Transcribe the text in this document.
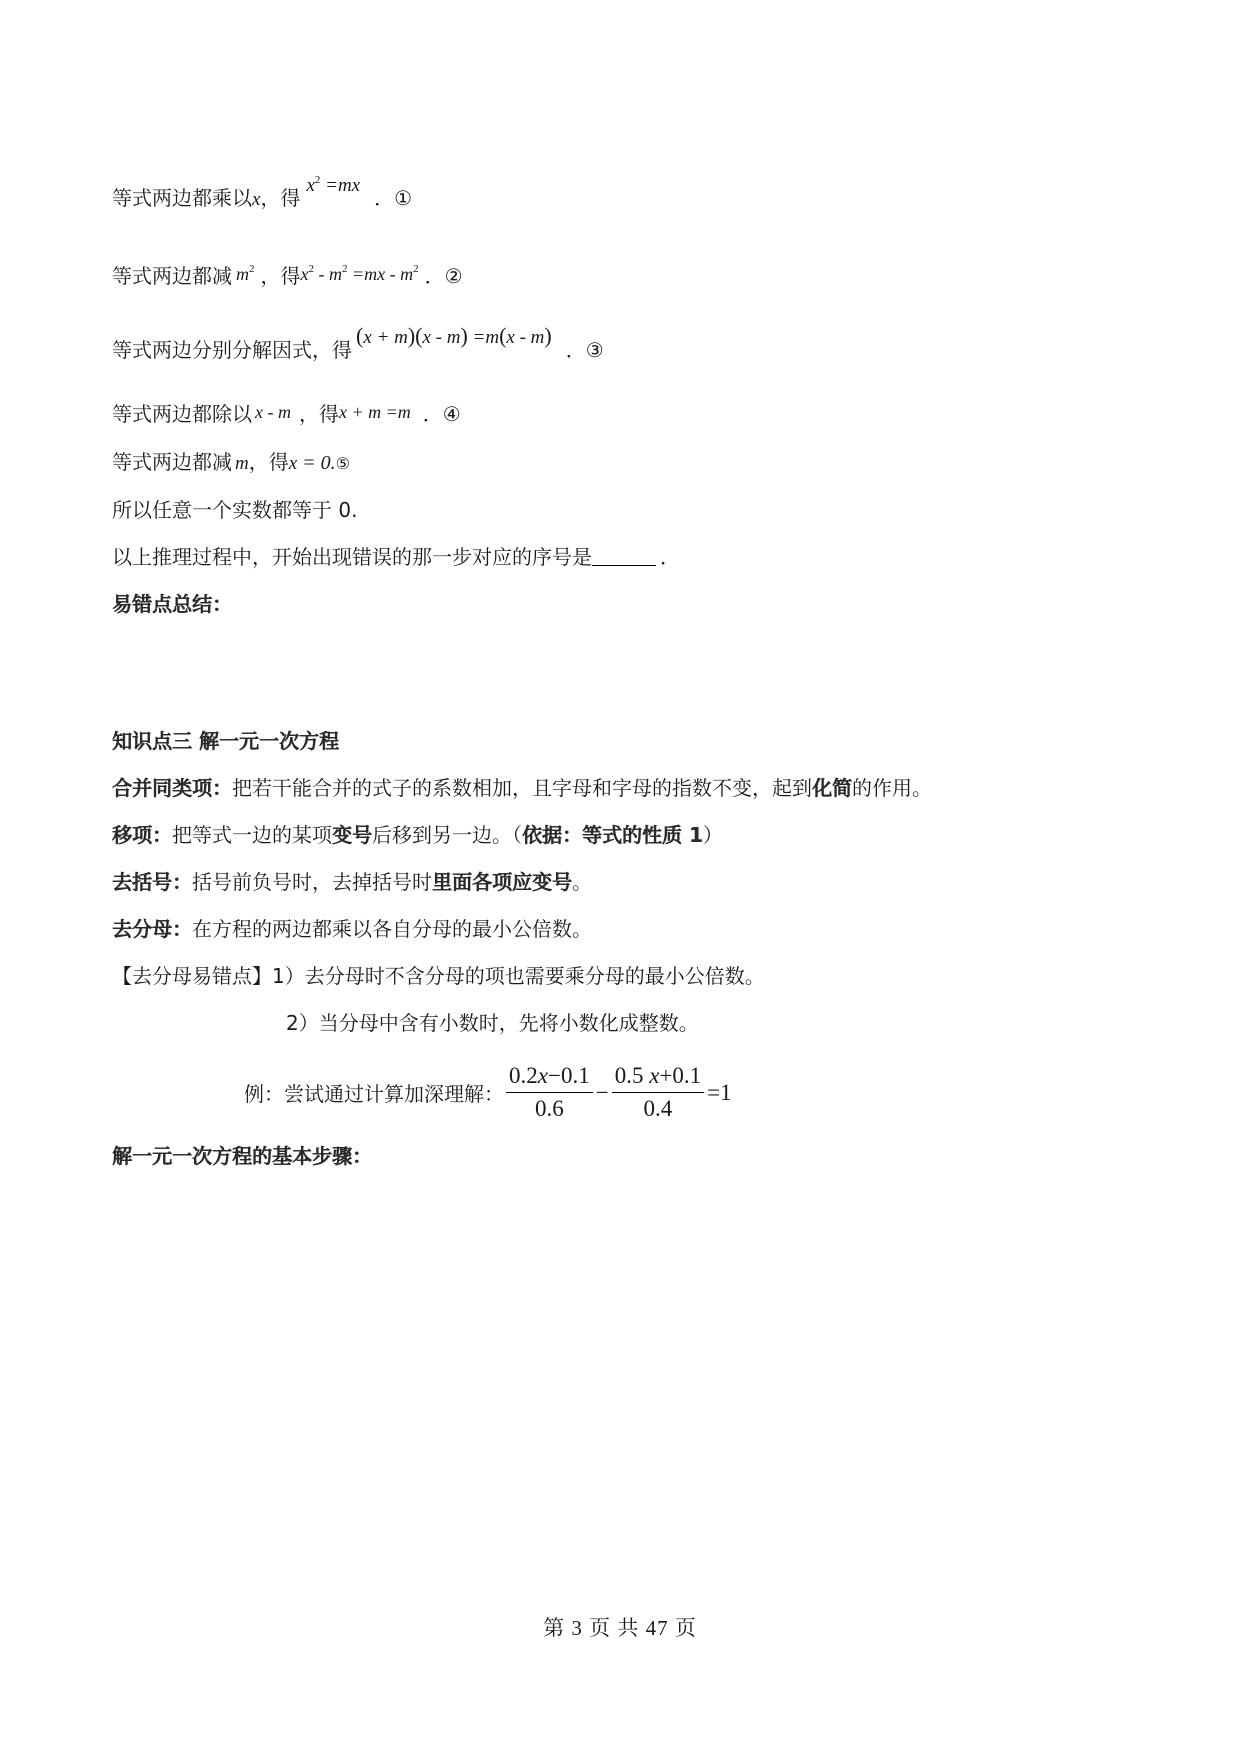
等式两边都乘以x，得$x^2 =mx$．①
等式两边都减 $m^2$ ，得$x^2 - m^2 =mx - m^2$ ．②
等式两边分别分解因式，得(x + m)(x - m) =m(x - m)．③
等式两边都除以 x - m ，得x + m =m ．④
等式两边都减 m，得x = 0.⑤
所以任意一个实数都等于 0.
以上推理过程中，开始出现错误的那一步对应的序号是	．
易错点总结：
知识点三 解一元一次方程
合并同类项：把若干能合并的式子的系数相加，且字母和字母的指数不变，起到化简的作用。
移项：把等式一边的某项变号后移到另一边。（依据：等式的性质 1）
去括号：括号前负号时，去掉括号时里面各项应变号。
去分母：在方程的两边都乘以各自分母的最小公倍数。
【去分母易错点】1）去分母时不含分母的项也需要乘分母的最小公倍数。
2）当分母中含有小数时，先将小数化成整数。
例：尝试通过计算加深理解： $\frac{0.2x-0.1}{0.6} - \frac{0.5 x+0.1}{0.4} =1$
解一元一次方程的基本步骤：
第 3 页 共 47 页
